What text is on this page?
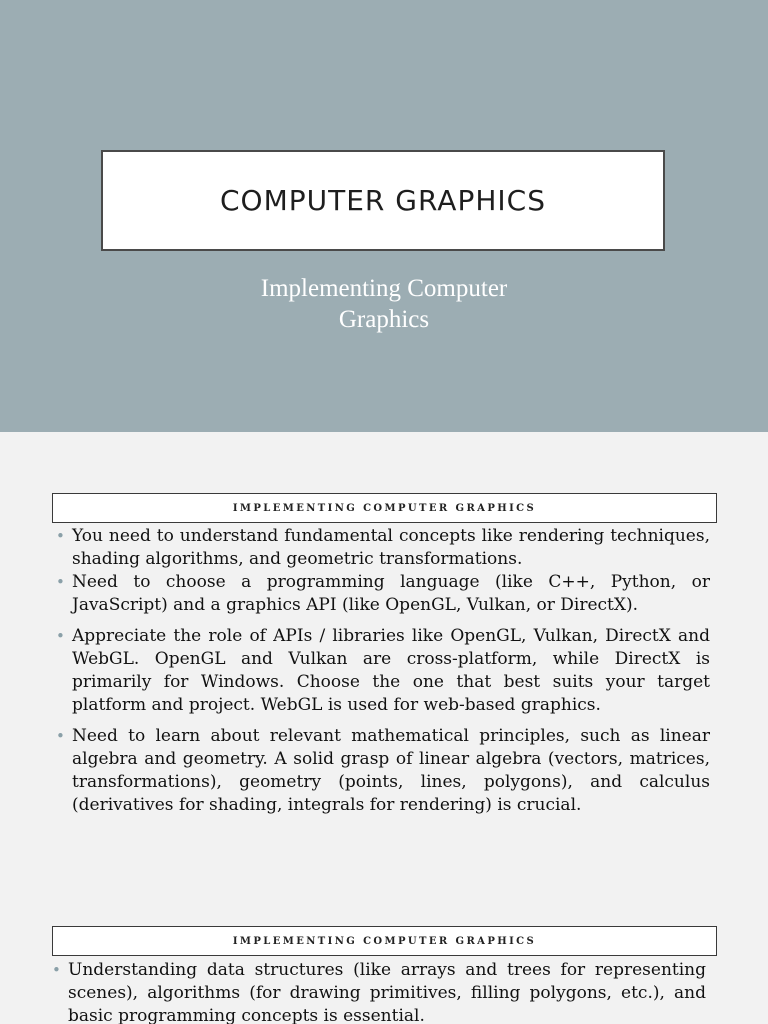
COMPUTER GRAPHICS
Implementing Computer
Graphics
IMPLEMENTING COMPUTER GRAPHICS
• You need to understand fundamental concepts like rendering techniques, shading algorithms, and geometric transformations.
• Need to choose a programming language (like C++, Python, or JavaScript) and a graphics API (like OpenGL, Vulkan, or DirectX).
• Appreciate the role of APIs / libraries like OpenGL, Vulkan, DirectX and WebGL. OpenGL and Vulkan are cross-platform, while DirectX is primarily for Windows. Choose the one that best suits your target platform and project. WebGL is used for web-based graphics.
• Need to learn about relevant mathematical principles, such as linear algebra and geometry. A solid grasp of linear algebra (vectors, matrices, transformations), geometry (points, lines, polygons), and calculus (derivatives for shading, integrals for rendering) is crucial.
IMPLEMENTING COMPUTER GRAPHICS
• Understanding data structures (like arrays and trees for representing scenes), algorithms (for drawing primitives, filling polygons, etc.), and basic programming concepts is essential.
